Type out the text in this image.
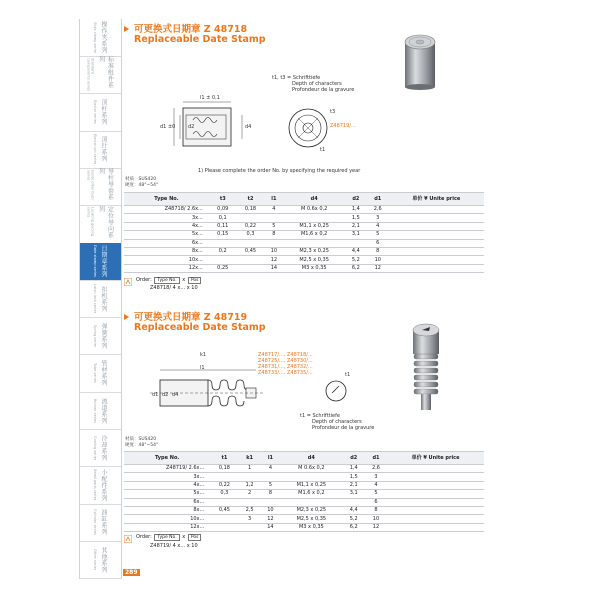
Slide clamp series 操作夹系列
Standard components series	标准组件系列
Ejector series 顶杆系列
Ejector pin series 顶针系列
Guide pillar bush series	导柱导套系列
Locating guiding series	定位导向系列
Date stamp series 日期章系列
Latch lock series 扣机系列
Spring series 弹簧系列
Tube series 管材系列
Runner series 流道系列
Cooling series 冷却系列
Small parts series 小配件系列
Cylinder series 油缸系列
Other series 其他系列
可更换式日期章 Z 48718
Replaceable Date Stamp
l1 ± 0,1
d1 ±0	d2	d4
t3
t1
Z48719/...
t1, t3 = Schrifttiefe
Depth of characters
Profondeur de la gravure
1) Please complete the order No. by specifying the required year
材质：SUS420
硬度：48°~54°
Type No.	t3	t2	l1	d4	d2	d1	单价 ¥ Unite price
Z48718/ 2.6x...	0,09	0,18	4	M 0.6x 0,2	1,4	2,6	
3x...	0,1				1,5	3	
4x...	0,11	0,22	5	M1,1 x 0,25	2,1	4	
5x...	0,15	0,3	8	M1,6 x 0,2	3,1	5	
6x...						6	
8x...	0,2	0,45	10	M2,3 x 0,25	4,4	8	
10x...			12	M2,5 x 0,35	5,2	10	
12x...	0,25		14	M3 x 0,35	6,2	12	
Order: Type No. x Pos
Z48718/ 4 x... x 10
可更换式日期章 Z 48719
Replaceable Date Stamp
k1
l1
d1 d2 d4
t1
Z48717/..., Z48718/...
Z48725/..., Z48730/...
Z48731/..., Z48732/...
Z48733/..., Z48735/...
t1 = Schrifttiefe
Depth of characters
Profondeur de la gravure
材质：SUS420
硬度：48°~54°
Type No.	t1	k1	l1	d4	d2	d1	单价 ¥ Unite price
Z48719/ 2.6x...	0,18	1	4	M 0.6x 0,2	1,4	2,6	
3x...					1,5	3	
4x...	0,22	1,2	5	M1,1 x 0,25	2,1	4	
5x...	0,3	2	8	M1,6 x 0,2	3,1	5	
6x...						6	
8x...	0,45	2,5	10	M2,3 x 0,25	4,4	8	
10x...		3	12	M2,5 x 0,35	5,2	10	
12x...			14	M3 x 0,35	6,2	12	
Order: Type No. x Pos
Z48719/ 4 x... x 10
289
